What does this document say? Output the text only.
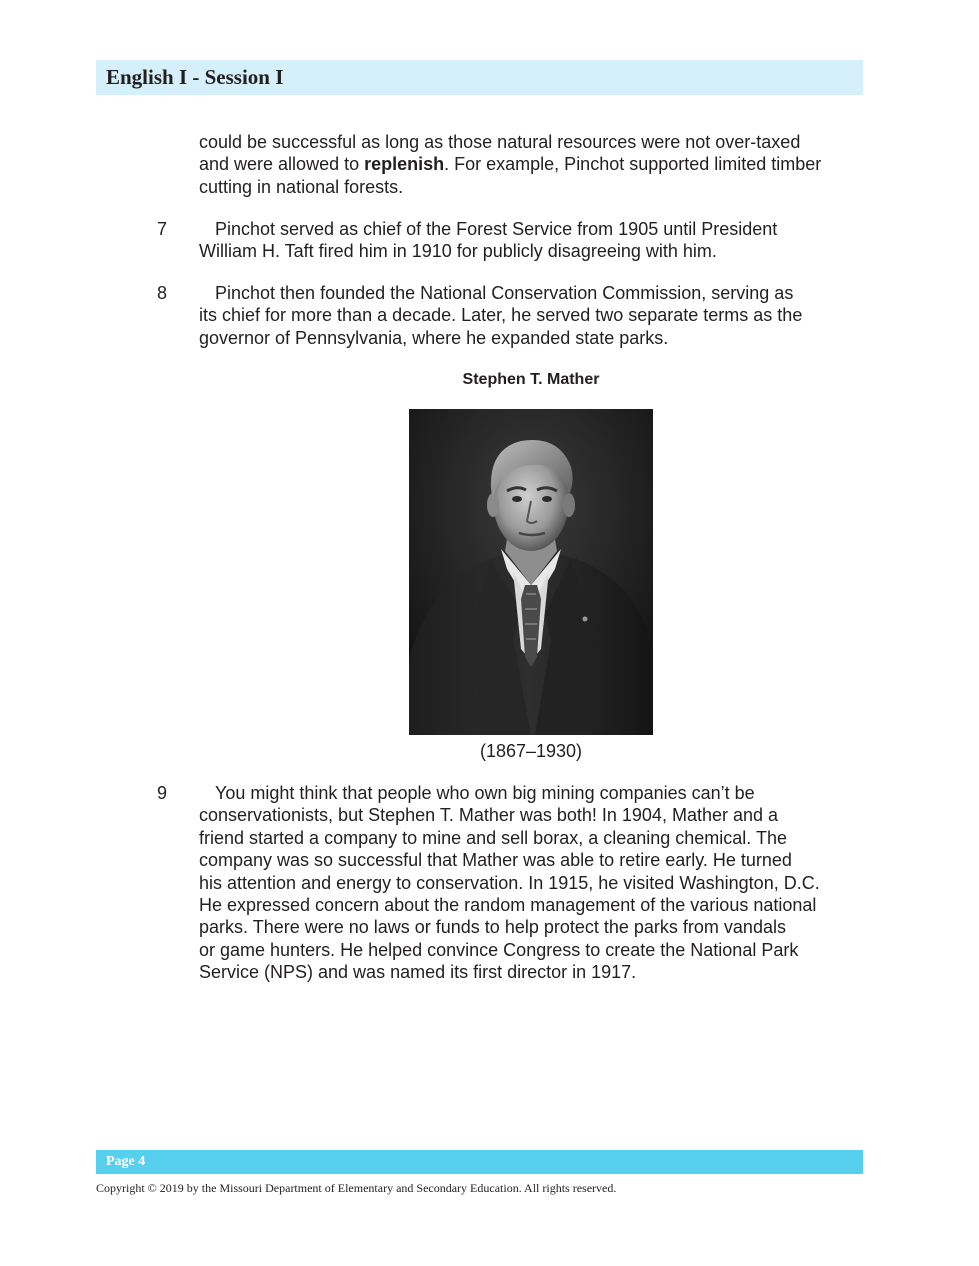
English I - Session I
could be successful as long as those natural resources were not over-taxed
and were allowed to replenish. For example, Pinchot supported limited timber
cutting in national forests.
7	Pinchot served as chief of the Forest Service from 1905 until President
William H. Taft fired him in 1910 for publicly disagreeing with him.
8	Pinchot then founded the National Conservation Commission, serving as
its chief for more than a decade. Later, he served two separate terms as the
governor of Pennsylvania, where he expanded state parks.
Stephen T. Mather
(1867–1930)
9	You might think that people who own big mining companies can’t be
conservationists, but Stephen T. Mather was both! In 1904, Mather and a
friend started a company to mine and sell borax, a cleaning chemical. The
company was so successful that Mather was able to retire early. He turned
his attention and energy to conservation. In 1915, he visited Washington, D.C.
He expressed concern about the random management of the various national
parks. There were no laws or funds to help protect the parks from vandals
or game hunters. He helped convince Congress to create the National Park
Service (NPS) and was named its first director in 1917.
Page 4
Copyright © 2019 by the Missouri Department of Elementary and Secondary Education. All rights reserved.
